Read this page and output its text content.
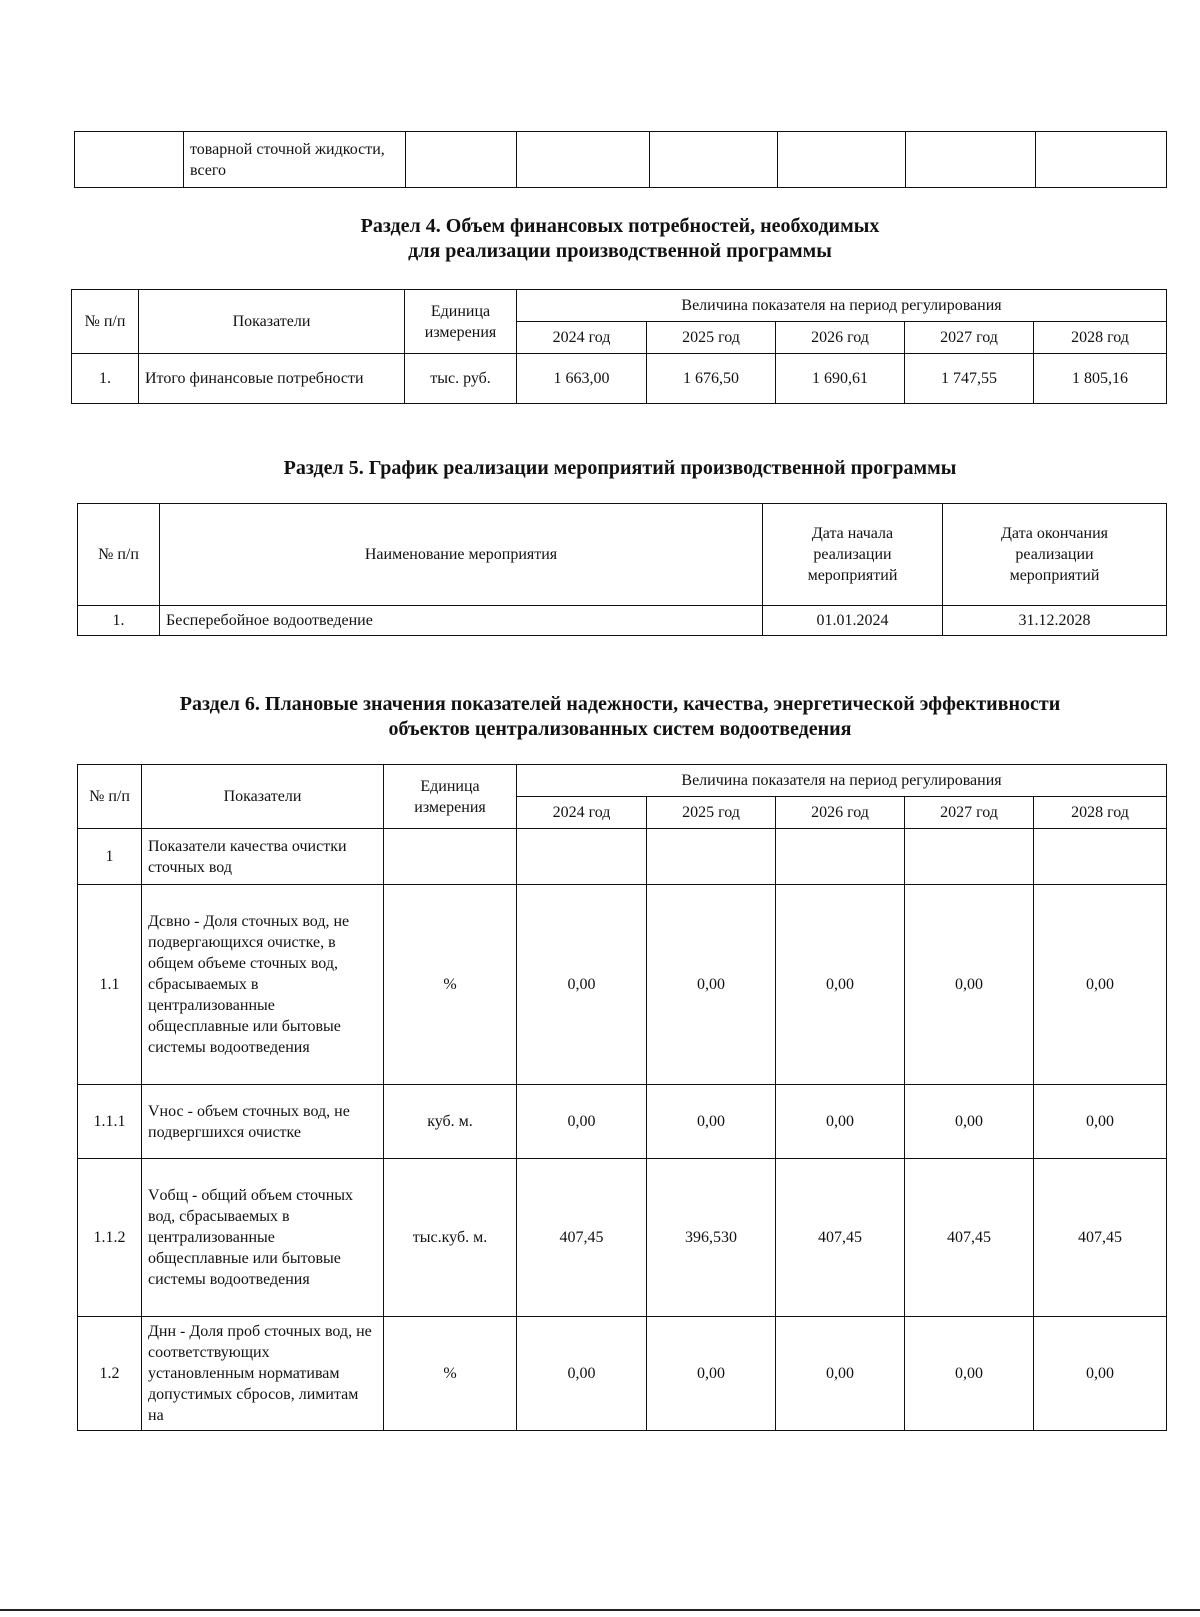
	товарной сточной жидкости, всего						
Раздел 4. Объем финансовых потребностей, необходимых
для реализации производственной программы
№ п/п	Показатели	Единица измерения	Величина показателя на период регулирования				
			2024 год	2025 год	2026 год	2027 год	2028 год
1.	Итого финансовые потребности	тыс. руб.	1 663,00	1 676,50	1 690,61	1 747,55	1 805,16
Раздел 5. График реализации мероприятий производственной программы
№ п/п	Наименование мероприятия	Дата начала реализации мероприятий	Дата окончания реализации мероприятий
1.	Бесперебойное водоотведение	01.01.2024	31.12.2028
Раздел 6. Плановые значения показателей надежности, качества, энергетической эффективности
объектов централизованных систем водоотведения
№ п/п	Показатели	Единица измерения	Величина показателя на период регулирования				
			2024 год	2025 год	2026 год	2027 год	2028 год
1	Показатели качества очистки сточных вод						
1.1	Дсвно - Доля сточных вод, не подвергающихся очистке, в общем объеме сточных вод, сбрасываемых в централизованные общесплавные или бытовые системы водоотведения	%	0,00	0,00	0,00	0,00	0,00
1.1.1	Vнос - объем сточных вод, не подвергшихся очистке	куб. м.	0,00	0,00	0,00	0,00	0,00
1.1.2	Vобщ - общий объем сточных вод, сбрасываемых в централизованные общесплавные или бытовые системы водоотведения	тыс.куб. м.	407,45	396,530	407,45	407,45	407,45
1.2	Днн - Доля проб сточных вод, не соответствующих установленным нормативам допустимых сбросов, лимитам на	%	0,00	0,00	0,00	0,00	0,00
